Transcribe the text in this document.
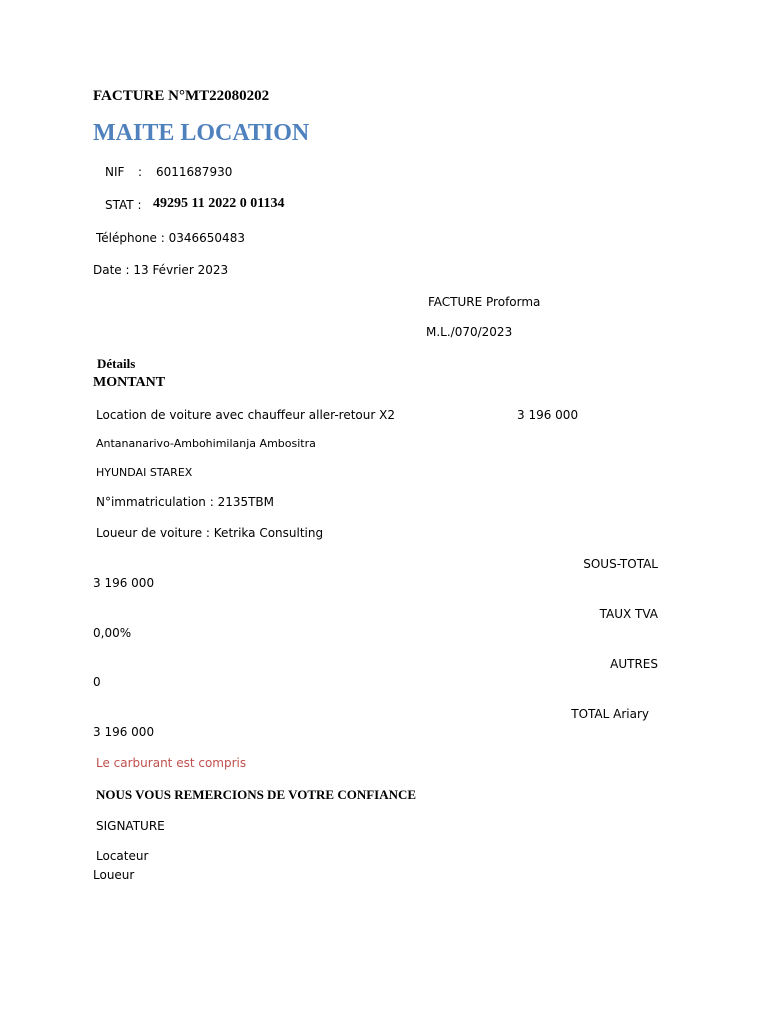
FACTURE N°MT22080202
MAITE LOCATION
NIF : 6011687930
STAT : 49295 11 2022 0 01134
Téléphone : 0346650483
Date : 13 Février 2023
FACTURE Proforma
M.L./070/2023
Détails
MONTANT
Location de voiture avec chauffeur aller-retour X2	3 196 000
Antananarivo-Ambohimilanja Ambositra
HYUNDAI STAREX
N°immatriculation : 2135TBM
Loueur de voiture : Ketrika Consulting
SOUS-TOTAL
3 196 000
TAUX TVA
0,00%
AUTRES
0
TOTAL Ariary
3 196 000
Le carburant est compris
NOUS VOUS REMERCIONS DE VOTRE CONFIANCE
SIGNATURE
Locateur
Loueur
